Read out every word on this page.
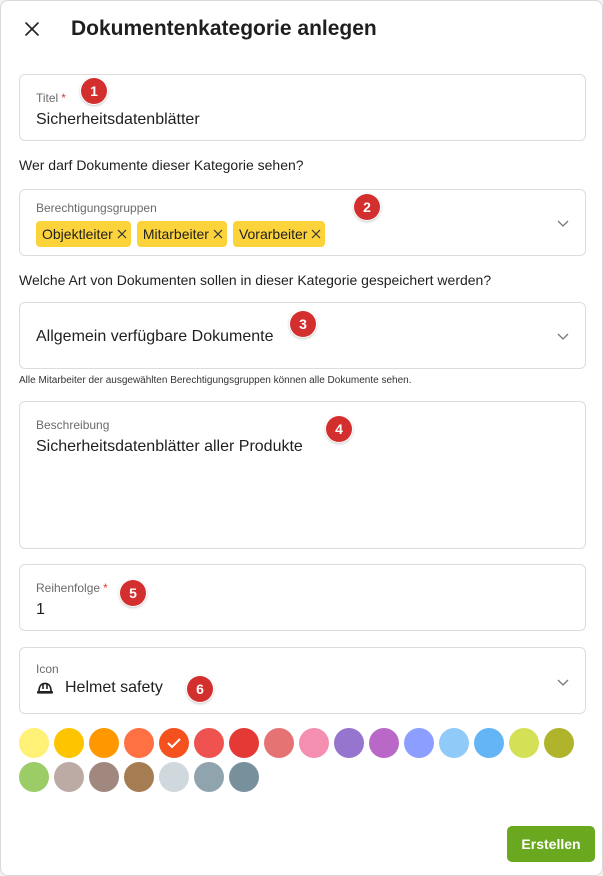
Dokumentenkategorie anlegen
Titel *
Sicherheitsdatenblätter
1
Wer darf Dokumente dieser Kategorie sehen?
Berechtigungsgruppen
Objektleiter Mitarbeiter Vorarbeiter
2
Welche Art von Dokumenten sollen in dieser Kategorie gespeichert werden?
Allgemein verfügbare Dokumente
3
Alle Mitarbeiter der ausgewählten Berechtigungsgruppen können alle Dokumente sehen.
Beschreibung
Sicherheitsdatenblätter aller Produkte
4
Reihenfolge *
1
5
Icon
Helmet safety	6
Erstellen
